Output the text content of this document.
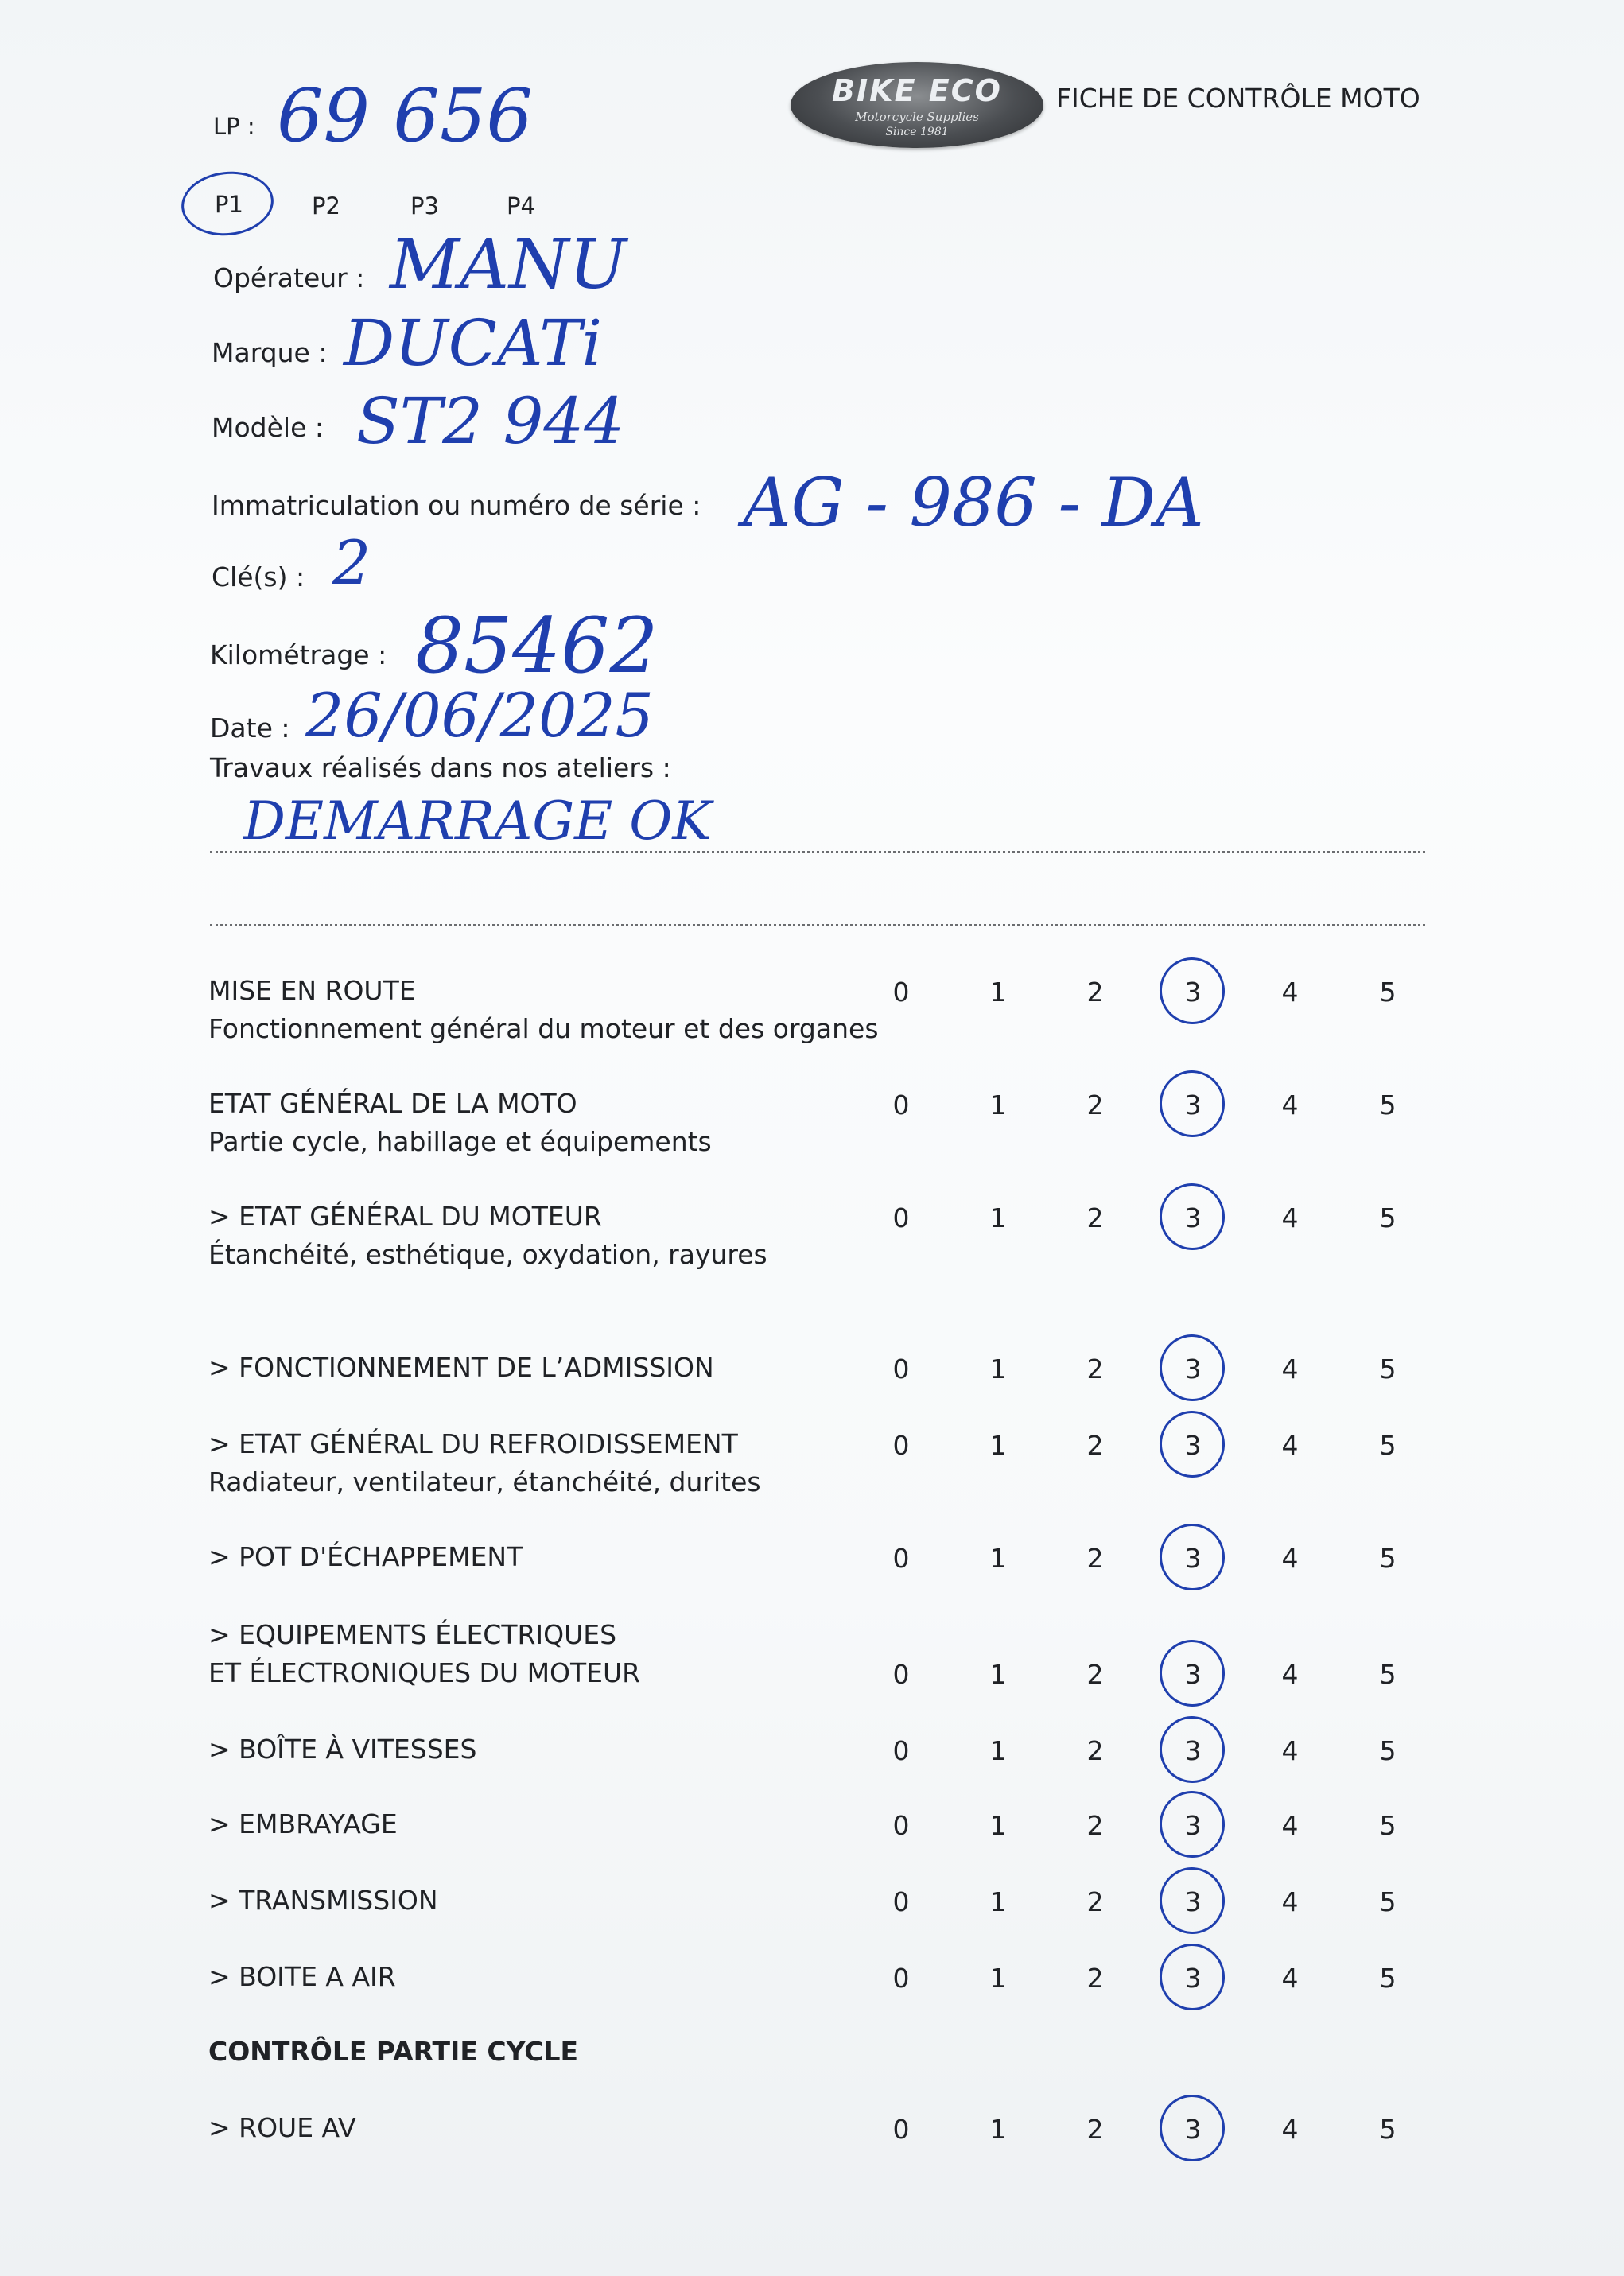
BIKE ECO
Motorcycle Supplies
Since 1981
FICHE DE CONTRÔLE MOTO
LP : 69 656
P1	P2	P3	P4
Opérateur : MANU
Marque : DUCATi
Modèle : ST2 944
Immatriculation ou numéro de série : AG - 986 - DA
Clé(s) : 2
Kilométrage : 85462
Date : 26/06/2025
Travaux réalisés dans nos ateliers :
DEMARRAGE OK
MISE EN ROUTE
Fonctionnement général du moteur et des organes
0	1	2	3	4	5
ETAT GÉNÉRAL DE LA MOTO
Partie cycle, habillage et équipements
0	1	2	3	4	5
> ETAT GÉNÉRAL DU MOTEUR
Étanchéité, esthétique, oxydation, rayures
0	1	2	3	4	5
> FONCTIONNEMENT DE L’ADMISSION	0	1	2	3	4	5
> ETAT GÉNÉRAL DU REFROIDISSEMENT
Radiateur, ventilateur, étanchéité, durites
0	1	2	3	4	5
> POT D'ÉCHAPPEMENT	0	1	2	3	4	5
> EQUIPEMENTS ÉLECTRIQUES
ET ÉLECTRONIQUES DU MOTEUR	0	1	2	3	4	5
> BOÎTE À VITESSES	0	1	2	3	4	5
> EMBRAYAGE	0	1	2	3	4	5
> TRANSMISSION	0	1	2	3	4	5
> BOITE A AIR	0	1	2	3	4	5
CONTRÔLE PARTIE CYCLE
> ROUE AV	0	1	2	3	4	5
